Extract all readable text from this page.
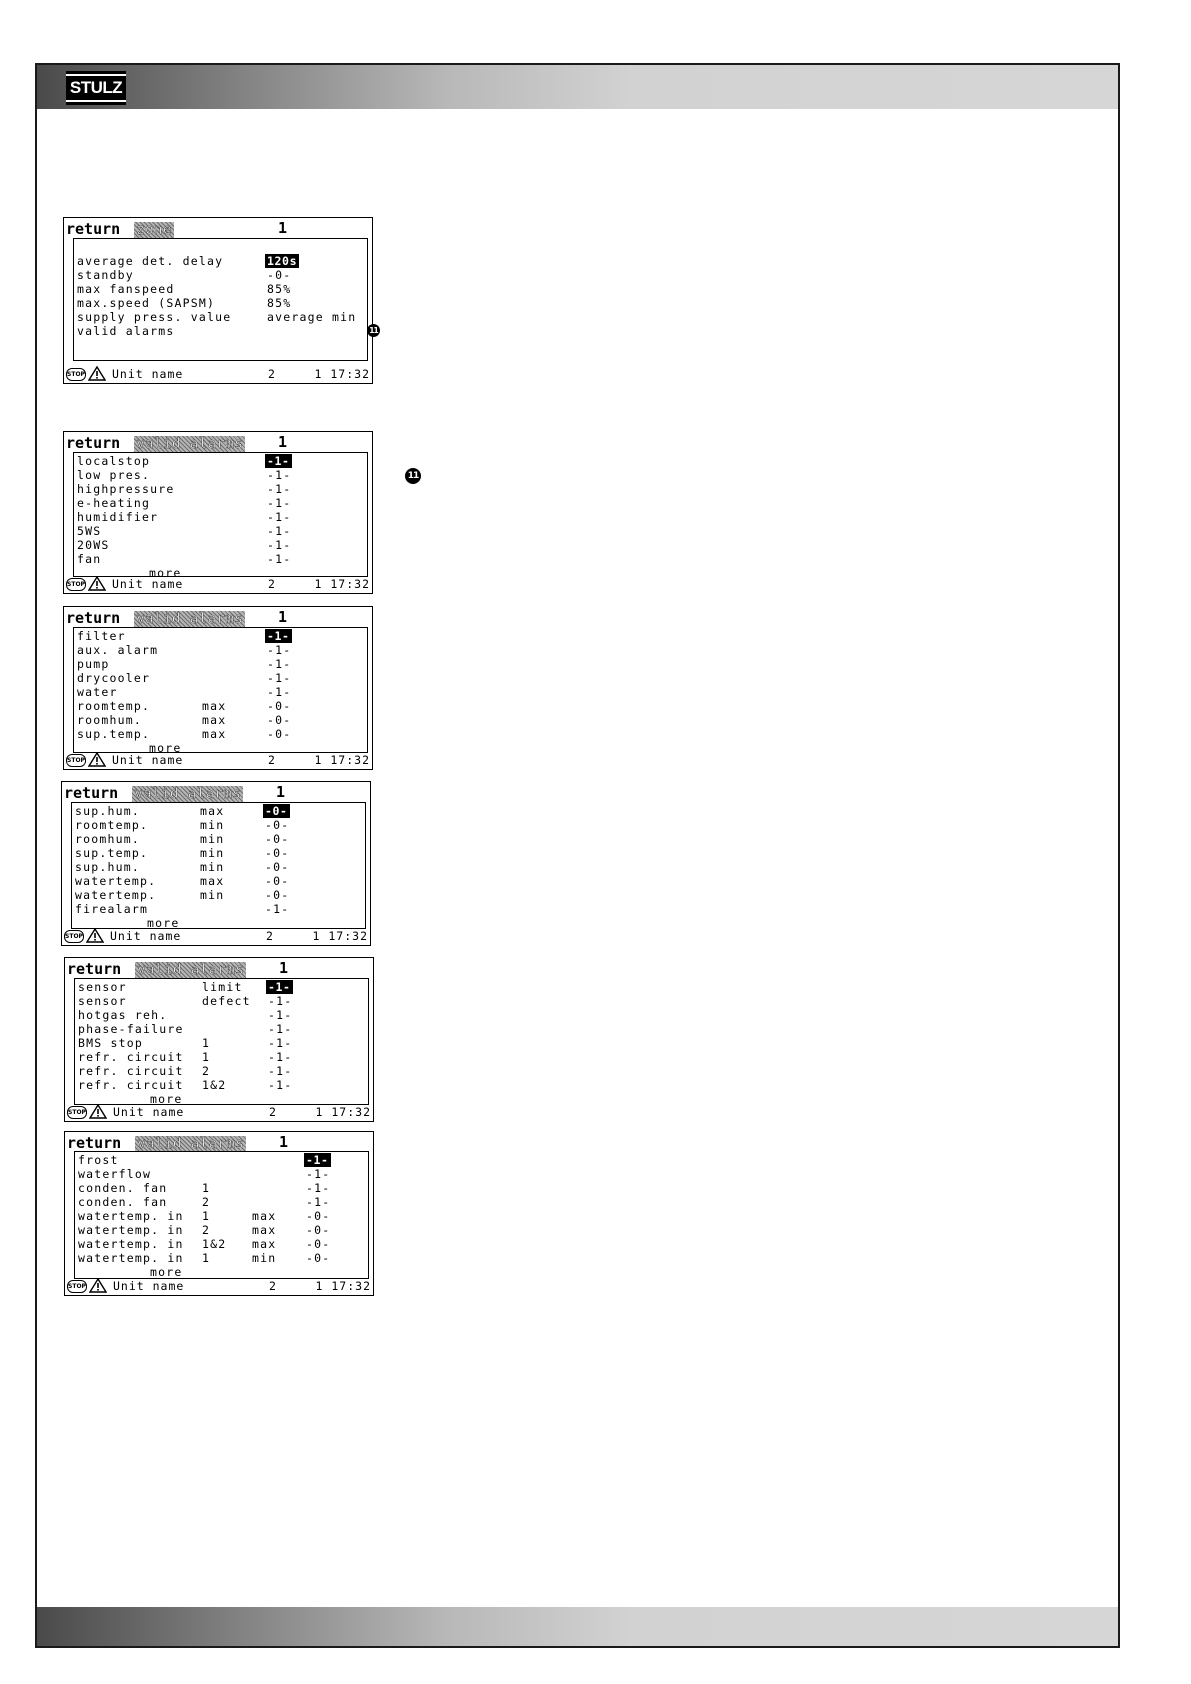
STULZ
return zone	1
average det. delay	120s
standby	-0-
max fanspeed	85%
max.speed (SAPSM)	85%
supply press. value	average min
valid alarms	11
STOP Unit name	2	1 17:32
return valid alarms 1
localstop	-1-
low pres.	-1-
highpressure	-1-
e-heating	-1-
humidifier	-1-
5WS	-1-
20WS	-1-
fan	-1-
more
STOP Unit name	2	1 17:32
return valid alarms 1
filter	-1-
aux. alarm	-1-
pump	-1-
drycooler	-1-
water	-1-
roomtemp.	max	-0-
roomhum.	max	-0-
sup.temp.	max	-0-
more
STOP Unit name	2	1 17:32
return valid alarms 1
sup.hum.	max	-0-
roomtemp.	min	-0-
roomhum.	min	-0-
sup.temp.	min	-0-
sup.hum.	min	-0-
watertemp.	max	-0-
watertemp.	min	-0-
firealarm	-1-
more
STOP Unit name	2	1 17:32
return valid alarms 1
sensor	limit -1-
sensor	defect -1-
hotgas reh.	-1-
phase-failure	-1-
BMS stop	1	-1-
refr. circuit 1	-1-
refr. circuit 2	-1-
refr. circuit 1&2	-1-
more
STOP Unit name	2	1 17:32
return valid alarms 1
frost	-1-
waterflow	-1-
conden. fan	1	-1-
conden. fan	2	-1-
watertemp. in 1	max	-0-
watertemp. in 2	max	-0-
watertemp. in 1&2 max	-0-
watertemp. in 1	min	-0-
more
STOP Unit name	2	1 17:32
11
